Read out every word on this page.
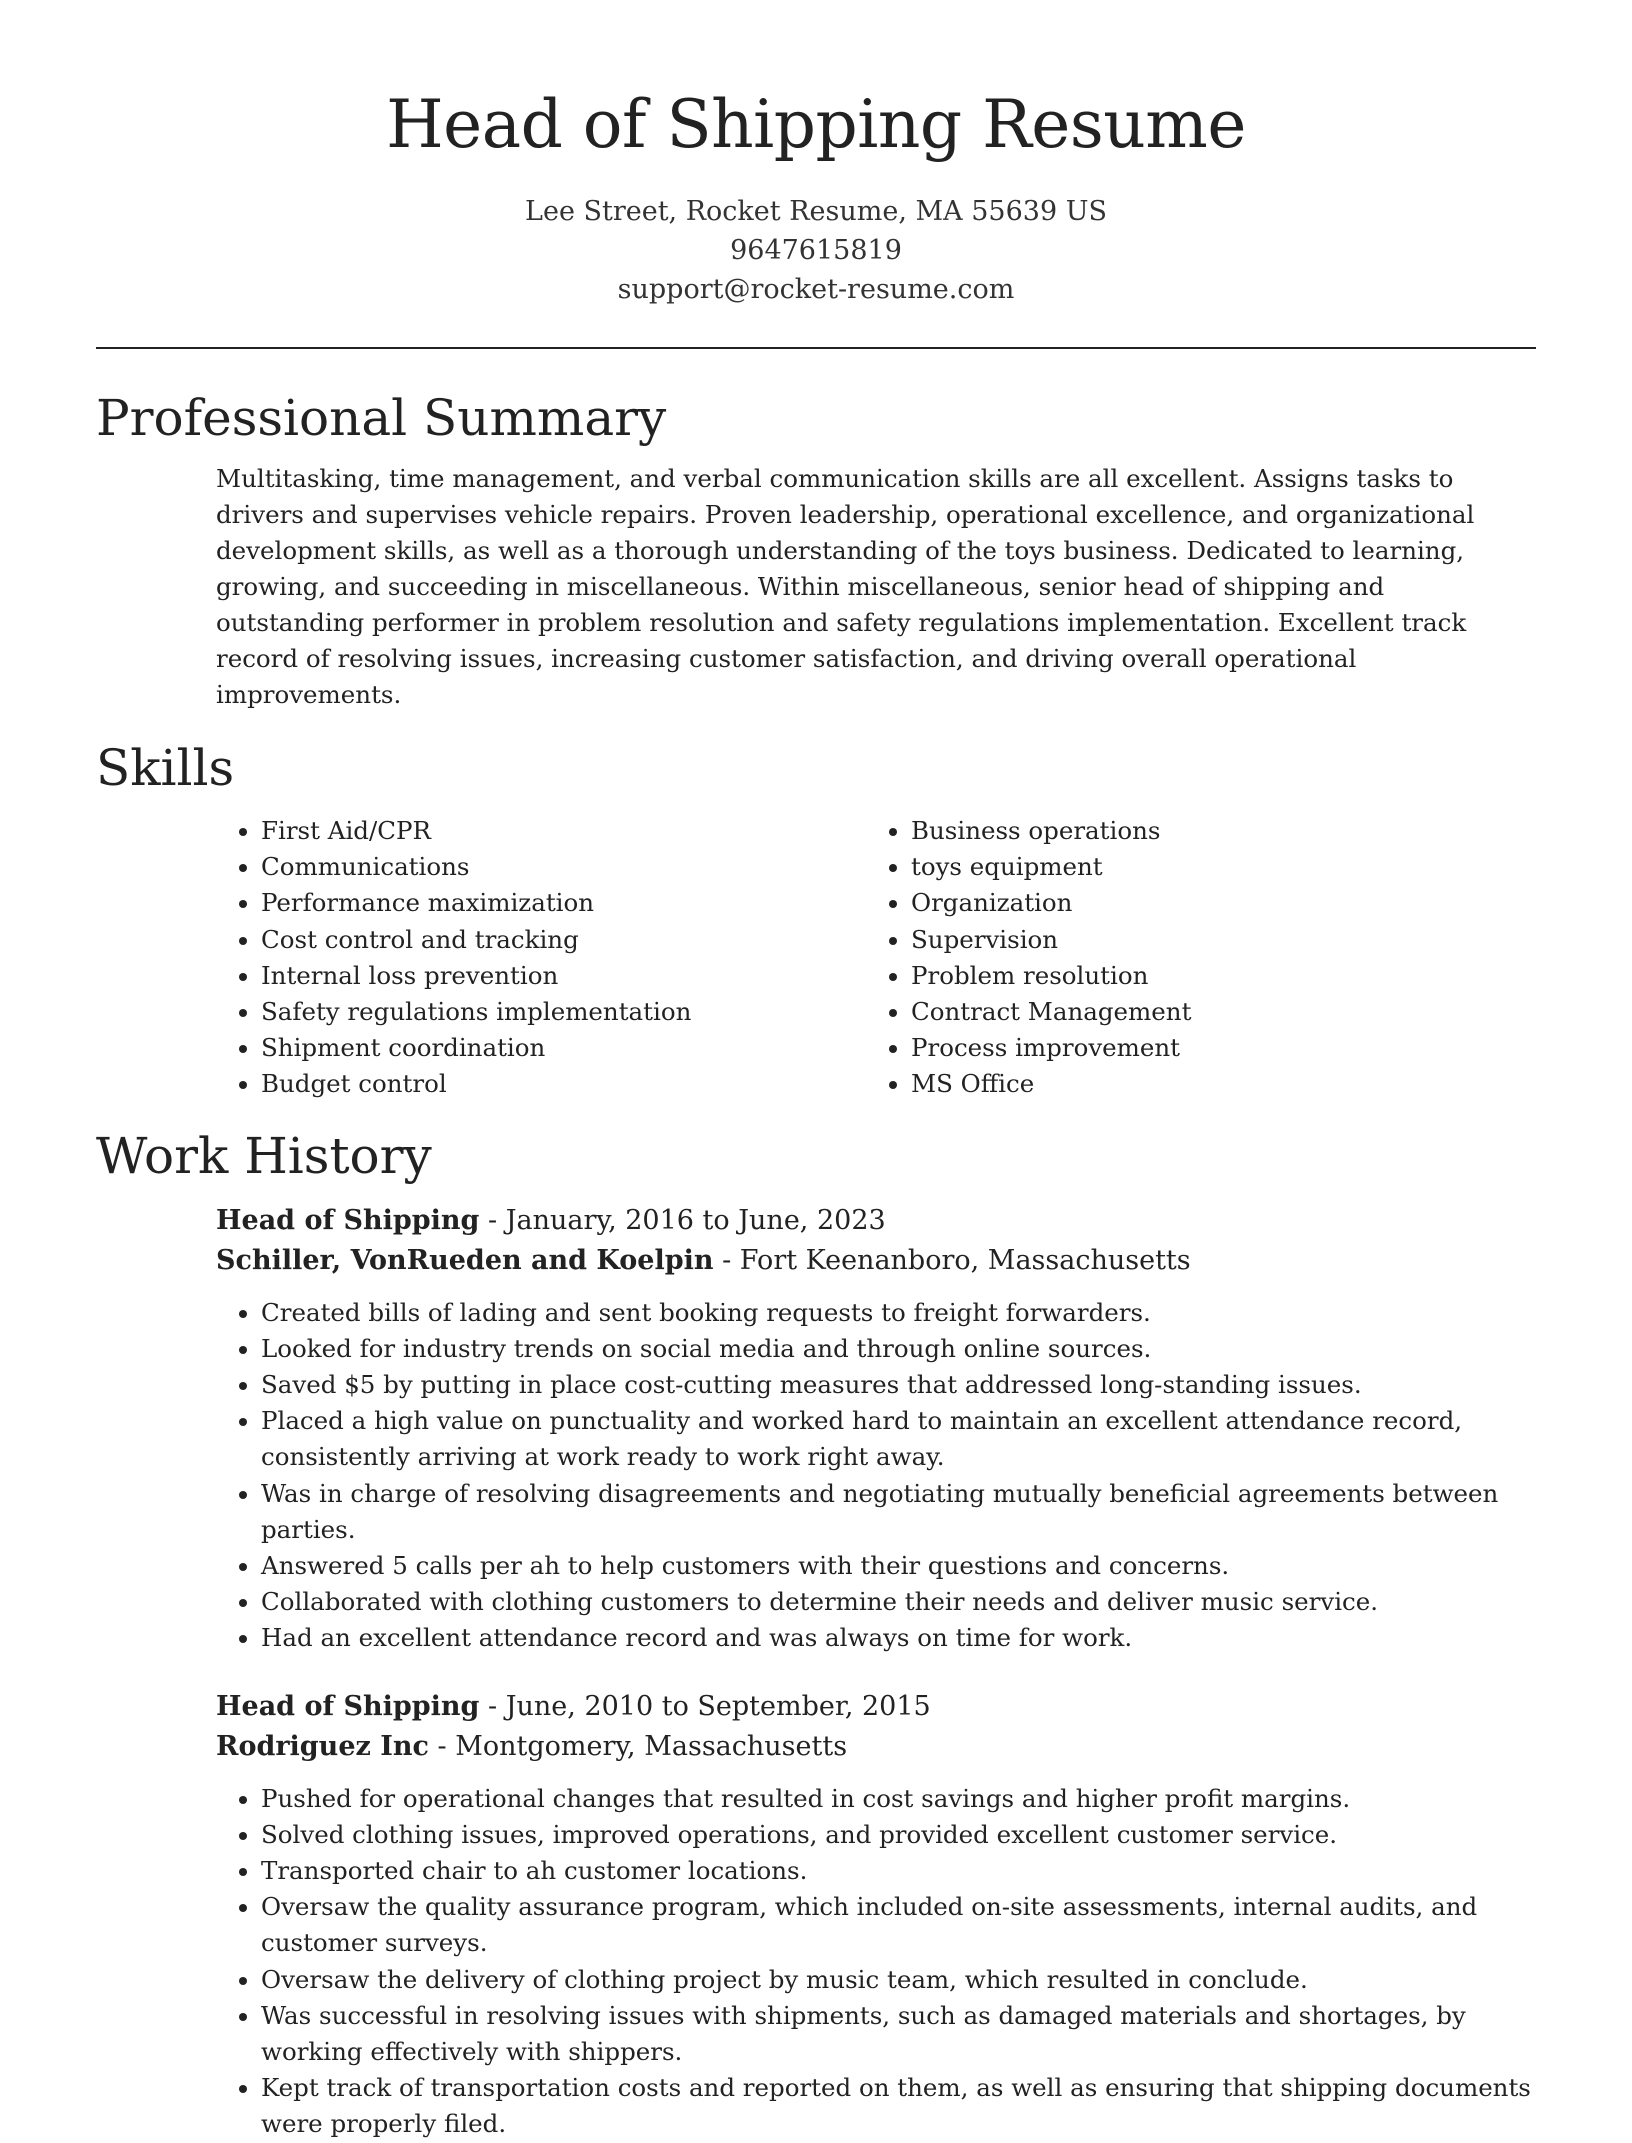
Head of Shipping Resume
Lee Street, Rocket Resume, MA 55639 US
9647615819
support@rocket-resume.com
Professional Summary

Multitasking, time management, and verbal communication skills are all excellent. Assigns tasks to drivers and supervises vehicle repairs. Proven leadership, operational excellence, and organizational development skills, as well as a thorough understanding of the toys business. Dedicated to learning, growing, and succeeding in miscellaneous. Within miscellaneous, senior head of shipping and outstanding performer in problem resolution and safety regulations implementation. Excellent track record of resolving issues, increasing customer satisfaction, and driving overall operational improvements.

Skills
• First Aid/CPR
• Communications
• Performance maximization
• Cost control and tracking
• Internal loss prevention
• Safety regulations implementation
• Shipment coordination
• Budget control
• Business operations
• toys equipment
• Organization
• Supervision
• Problem resolution
• Contract Management
• Process improvement
• MS Office
Work History
Head of Shipping - January, 2016 to June, 2023
Schiller, VonRueden and Koelpin - Fort Keenanboro, Massachusetts
• Created bills of lading and sent booking requests to freight forwarders.
• Looked for industry trends on social media and through online sources.
• Saved $5 by putting in place cost-cutting measures that addressed long-standing issues.
• Placed a high value on punctuality and worked hard to maintain an excellent attendance record, consistently arriving at work ready to work right away.
• Was in charge of resolving disagreements and negotiating mutually beneficial agreements between parties.
• Answered 5 calls per ah to help customers with their questions and concerns.
• Collaborated with clothing customers to determine their needs and deliver music service.
• Had an excellent attendance record and was always on time for work.
Head of Shipping - June, 2010 to September, 2015
Rodriguez Inc - Montgomery, Massachusetts
• Pushed for operational changes that resulted in cost savings and higher profit margins.
• Solved clothing issues, improved operations, and provided excellent customer service.
• Transported chair to ah customer locations.
• Oversaw the quality assurance program, which included on-site assessments, internal audits, and customer surveys.
• Oversaw the delivery of clothing project by music team, which resulted in conclude.
• Was successful in resolving issues with shipments, such as damaged materials and shortages, by working effectively with shippers.
• Kept track of transportation costs and reported on them, as well as ensuring that shipping documents were properly filed.
